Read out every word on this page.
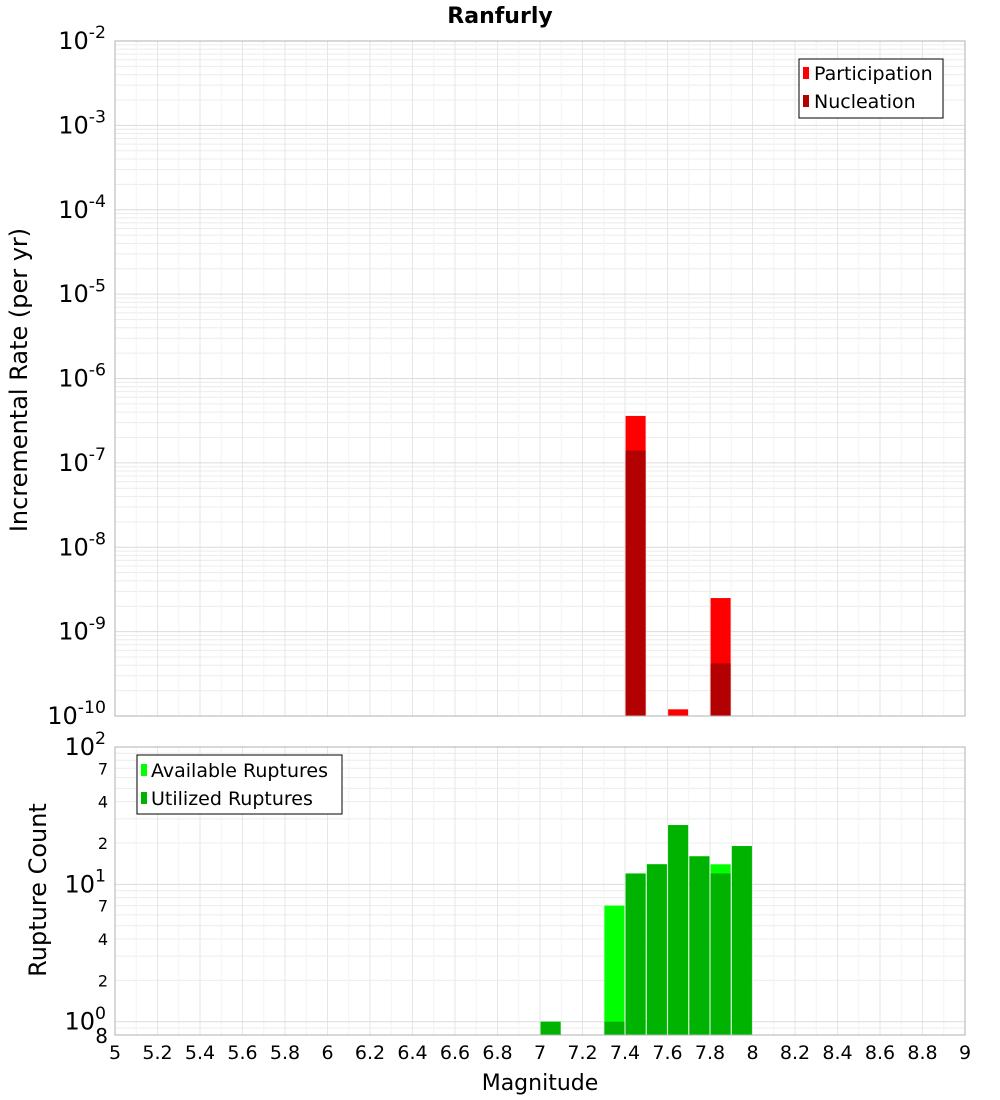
Ranfurly
$10^{-10}$
$10^{-9}$
$10^{-8}$
$10^{-7}$
$10^{-6}$
$10^{-5}$
$10^{-4}$
$10^{-3}$
$10^{-2}$
Participation
Nucleation
$10^0$
$10^1$
$10^2$
2
4
7
2
4
7
8
Available Ruptures
Utilized Ruptures
5 5.2 5.4 5.6 5.8 6 6.2 6.4 6.6 6.8 7 7.2 7.4 7.6 7.8 8 8.2 8.4 8.6 8.8 9
Incremental Rate (per yr)
Rupture Count
Magnitude
